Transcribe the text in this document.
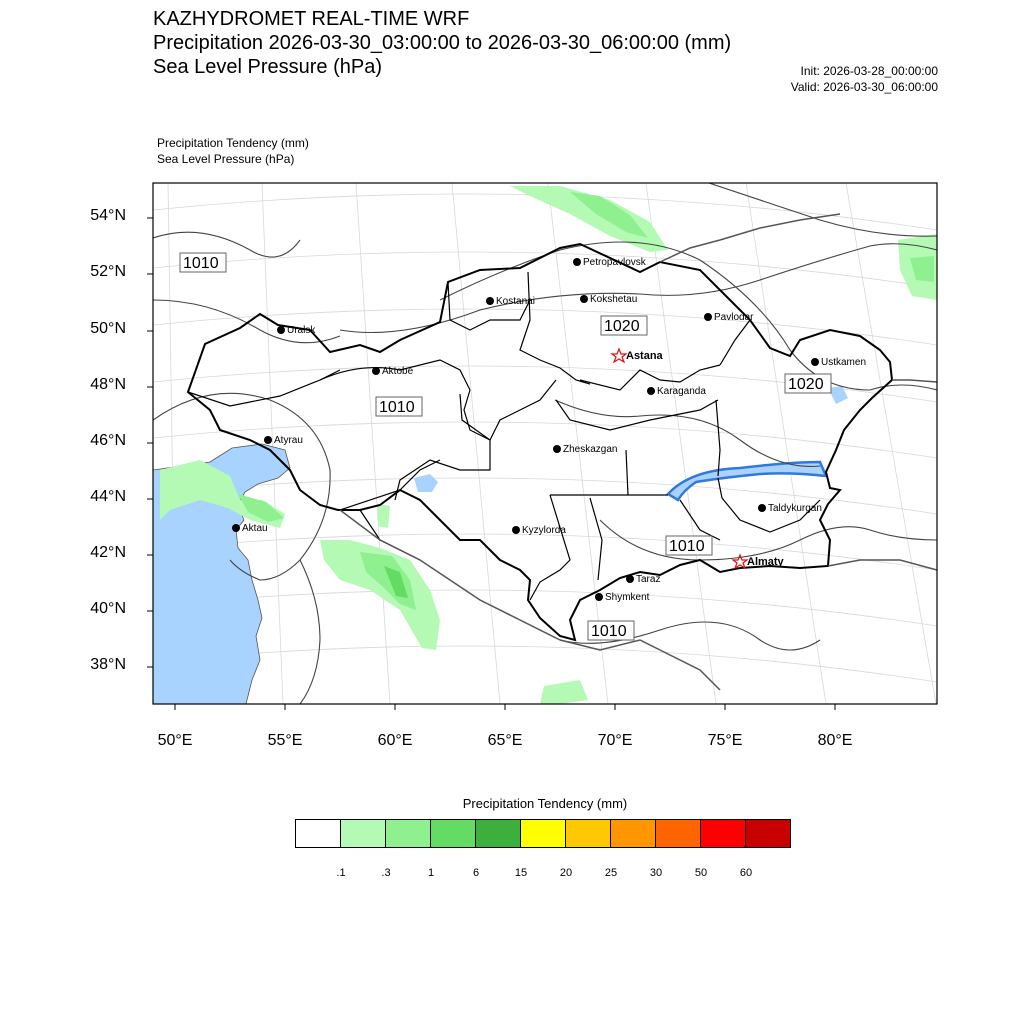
KAZHYDROMET REAL-TIME WRF
Precipitation 2026-03-30_03:00:00 to 2026-03-30_06:00:00 (mm)
Sea Level Pressure (hPa)	Init: 2026-03-28_00:00:00
Valid: 2026-03-30_06:00:00
Precipitation Tendency (mm)
Sea Level Pressure (hPa)
1010
1020
1010
1020
1010
1010
Petropavlovsk
Kostanai	Kokshetau
Pavlodar
Uralsk
Astana
Ustkamen
Aktobe
Karaganda
Atyrau
Zheskazgan
Aktau	Kyzylorda
Taldykurgan
Almaty
Taraz
Shymkent
54°N
52°N
50°N
48°N
46°N
44°N
42°N
40°N
38°N
50°E	55°E	60°E	65°E	70°E	75°E	80°E
Precipitation Tendency (mm)
.1	.3	1	6	15	20	25	30	50	60
